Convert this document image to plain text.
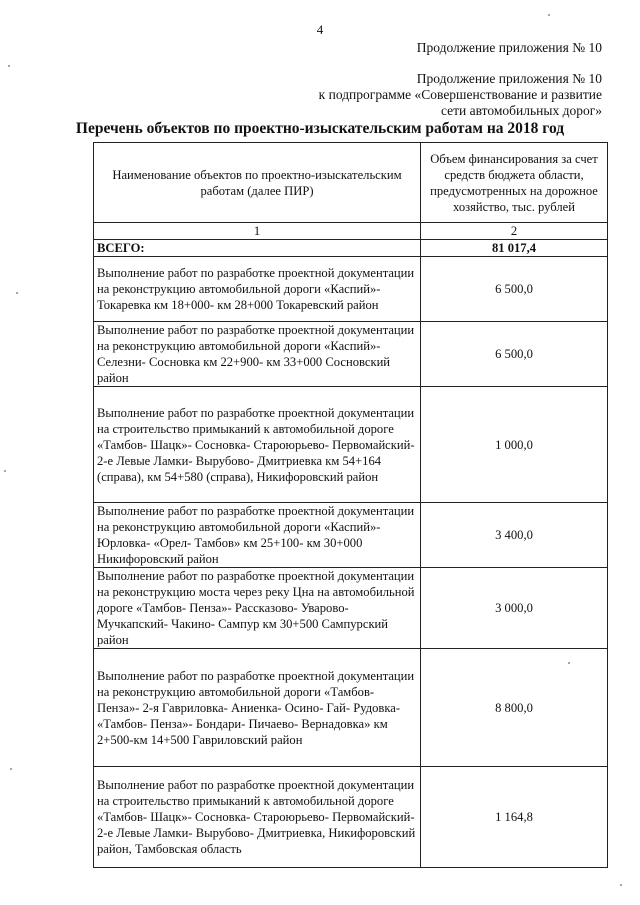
4
Продолжение приложения № 10
Продолжение приложения № 10
к подпрограмме «Совершенствование и развитие
сети автомобильных дорог»
Перечень объектов по проектно-изыскательским работам на 2018 год
Наименование объектов по проектно-изыскательским работам (далее ПИР)	Объем финансирования за счет средств бюджета области, предусмотренных на дорожное хозяйство, тыс. рублей
1	2
ВСЕГО:	81 017,4
Выполнение работ по разработке проектной документации на реконструкцию автомобильной дороги «Каспий»- Токаревка км 18+000- км 28+000 Токаревский район	6 500,0
Выполнение работ по разработке проектной документации на реконструкцию автомобильной дороги «Каспий»- Селезни- Сосновка км 22+900- км 33+000 Сосновский район	6 500,0
Выполнение работ по разработке проектной документации на строительство примыканий к автомобильной дороге «Тамбов- Шацк»- Сосновка- Староюрьево- Первомайский- 2-е Левые Ламки- Вырубово- Дмитриевка км 54+164 (справа), км 54+580 (справа), Никифоровский район	1 000,0
Выполнение работ по разработке проектной документации на реконструкцию автомобильной дороги «Каспий»- Юрловка- «Орел- Тамбов» км 25+100- км 30+000 Никифоровский район	3 400,0
Выполнение работ по разработке проектной документации на реконструкцию моста через реку Цна на автомобильной дороге «Тамбов- Пенза»- Рассказово- Уварово- Мучкапский- Чакино- Сампур км 30+500 Сампурский район	3 000,0
Выполнение работ по разработке проектной документации на реконструкцию автомобильной дороги «Тамбов- Пенза»- 2-я Гавриловка- Аниенка- Осино- Гай- Рудовка- «Тамбов- Пенза»- Бондари- Пичаево- Вернадовка» км 2+500-км 14+500 Гавриловский район	8 800,0
Выполнение работ по разработке проектной документации на строительство примыканий к автомобильной дороге «Тамбов- Шацк»- Сосновка- Староюрьево- Первомайский- 2-е Левые Ламки- Вырубово- Дмитриевка, Никифоровский район, Тамбовская область	1 164,8
